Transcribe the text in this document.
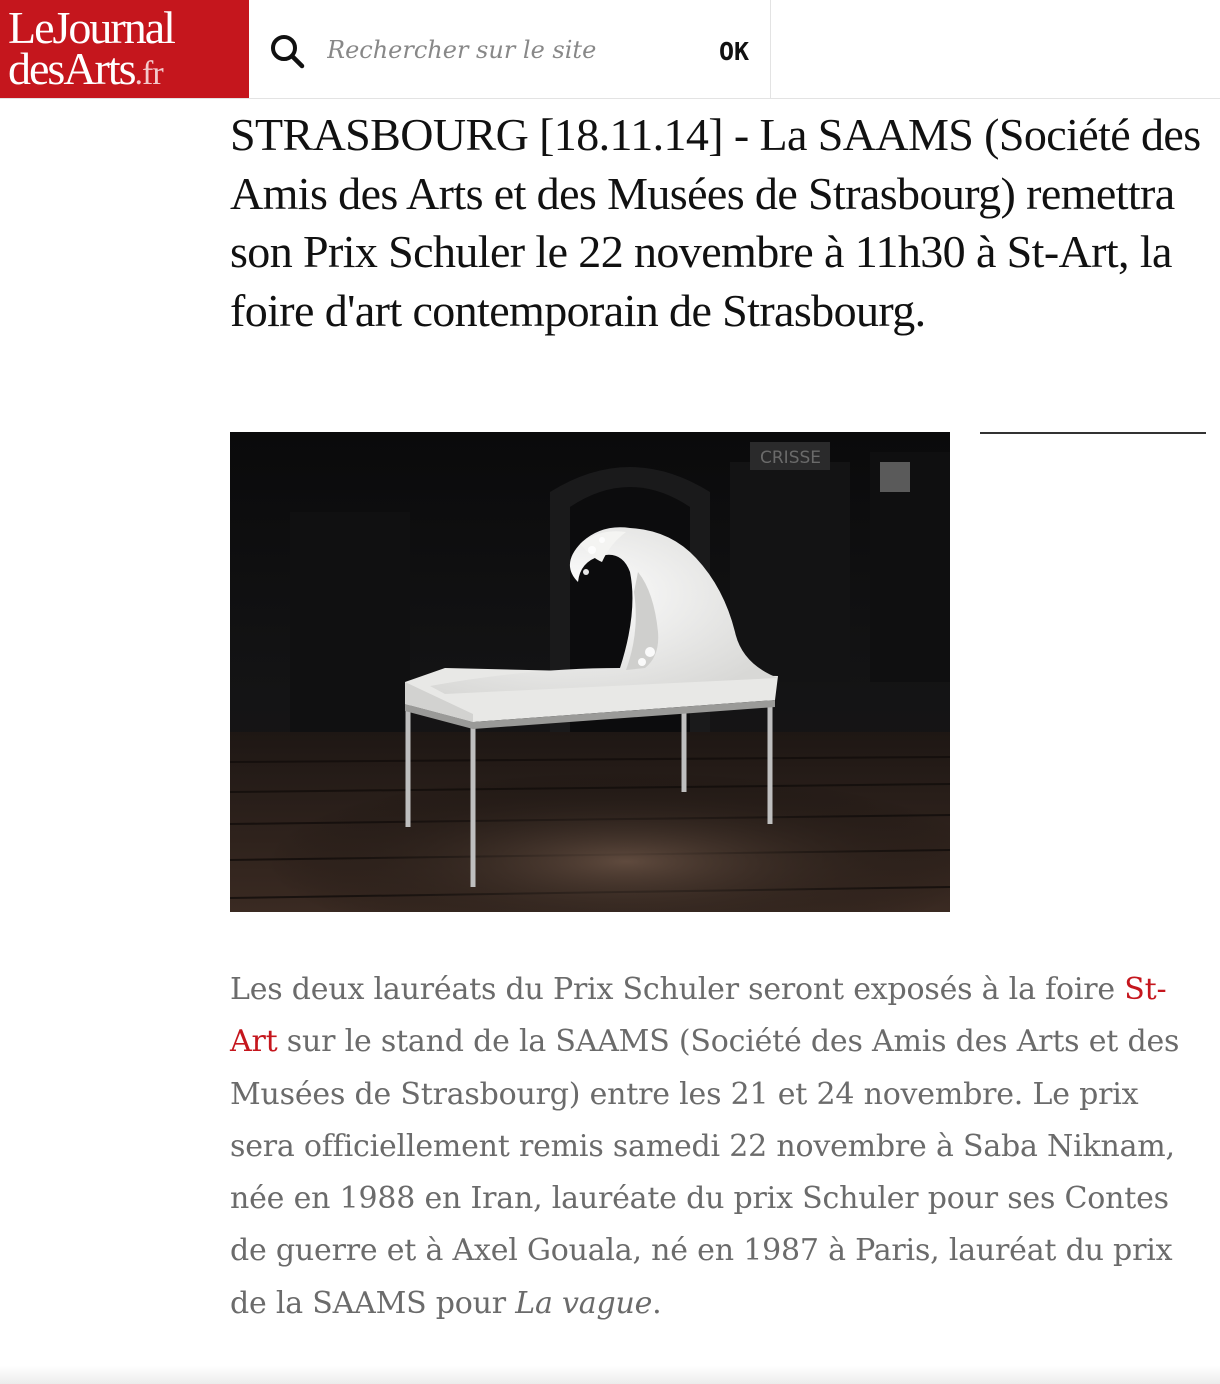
LeJournal
desArts.fr
Rechercher sur le site
OK
STRASBOURG [18.11.14] - La SAAMS (Société des Amis des Arts et des Musées de Strasbourg) remettra son Prix Schuler le 22 novembre à 11h30 à St-Art, la foire d'art contemporain de Strasbourg.
CRISSE

Les deux lauréats du Prix Schuler seront exposés à la foire St-Art sur le stand de la SAAMS (Société des Amis des Arts et des Musées de Strasbourg) entre les 21 et 24 novembre. Le prix sera officiellement remis samedi 22 novembre à Saba Niknam, née en 1988 en Iran, lauréate du prix Schuler pour ses Contes de guerre et à Axel Gouala, né en 1987 à Paris, lauréat du prix de la SAAMS pour La vague.
